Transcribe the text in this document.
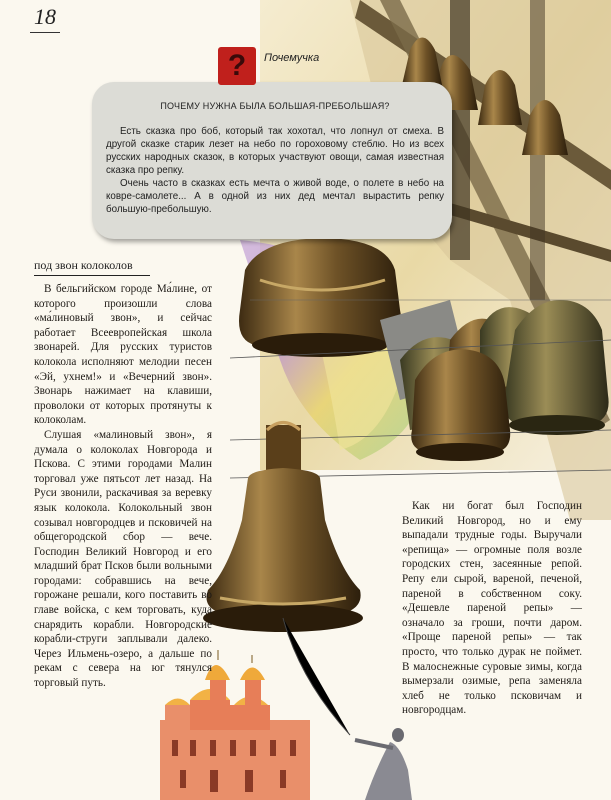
18
?	Почемучка
ПОЧЕМУ НУЖНА БЫЛА БОЛЬШАЯ-ПРЕБОЛЬШАЯ?

Есть сказка про боб, который так хохотал, что лопнул от смеха. В другой сказке старик лезет на небо по гороховому стеблю. Но из всех русских народных сказок, в которых участвуют овощи, самая известная сказка про репку.

Очень часто в сказках есть мечта о живой воде, о полете в небо на ковре-самолете... А в одной из них дед мечтал вырастить репку большую-пребольшую.

под звон колоколов

В бельгийском городе Ма́лине, от которого произошли слова «ма́линовый звон», и сейчас работает Всеевропейская школа звонарей. Для русских туристов колокола исполняют мелодии песен «Эй, ухнем!» и «Вечерний звон». Звонарь нажимает на клавиши, проволоки от которых протянуты к колоколам.

Слушая «малиновый звон», я думала о колоколах Новгорода и Пскова. С этими городами Малин торговал уже пятьсот лет назад. На Руси звонили, раскачивая за веревку язык колокола. Колокольный звон созывал новгородцев и псковичей на общегородской сбор — вече. Господин Великий Новгород и его младший брат Псков были вольными городами: собравшись на вече, горожане решали, кого поставить во главе войска, с кем торговать, куда снарядить корабли. Новгородские корабли-струги заплывали далеко. Через Ильмень-озеро, а дальше по рекам с севера на юг тянулся торговый путь.

Как ни богат был Господин Великий Новгород, но и ему выпадали трудные годы. Выручали «репища» — огромные поля возле городских стен, засеянные репой. Репу ели сырой, вареной, печеной, пареной в собственном соку. «Дешевле пареной репы» — означало за гроши, почти даром. «Проще пареной репы» — так просто, что только дурак не поймет. В малоснежные суровые зимы, когда вымерзали озимые, репа заменяла хлеб не только псковичам и новгородцам.
